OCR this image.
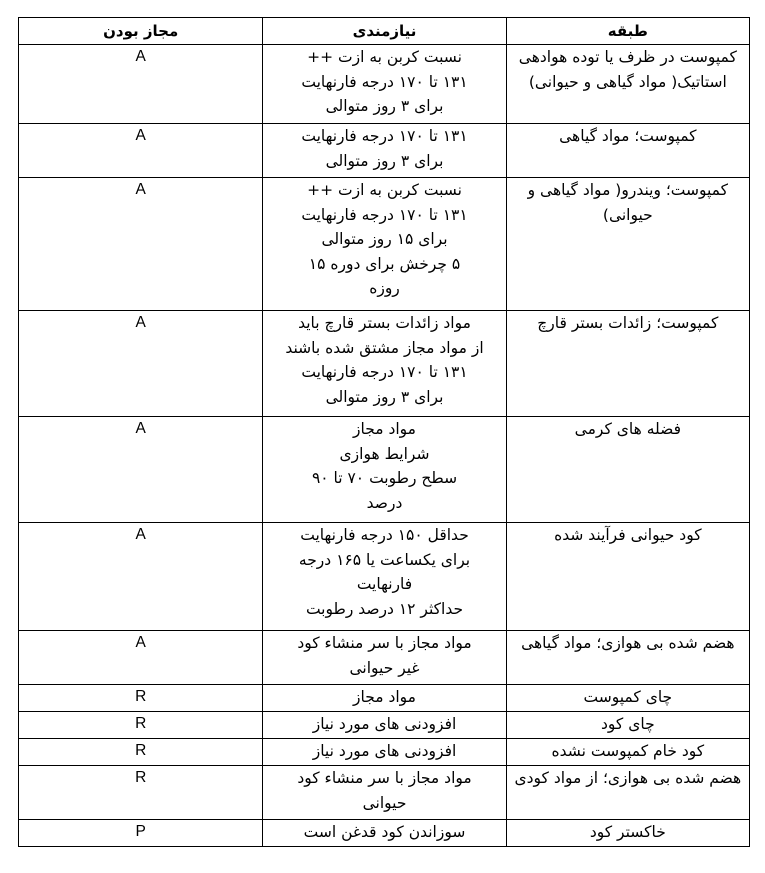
طبقه	نیازمندی	مجاز بودن
کمپوست در ظرف یا توده هوادهی استاتیک( مواد گیاهی و حیوانی)	نسبت کربن به ازت ++
۱۳۱ تا ۱۷۰ درجه فارنهایت
برای ۳ روز متوالی	A
کمپوست؛ مواد گیاهی	۱۳۱ تا ۱۷۰ درجه فارنهایت
برای ۳ روز متوالی	A
کمپوست؛ ویندرو( مواد گیاهی و حیوانی)	نسبت کربن به ازت ++
۱۳۱ تا ۱۷۰ درجه فارنهایت
برای ۱۵ روز متوالی
۵ چرخش برای دوره ۱۵
روزه	A
کمپوست؛ زائدات بستر قارچ	مواد زائدات بستر قارچ باید
از مواد مجاز مشتق شده باشند
۱۳۱ تا ۱۷۰ درجه فارنهایت
برای ۳ روز متوالی	A
فضله های کرمی	مواد مجاز
شرایط هوازی
سطح رطوبت ۷۰ تا ۹۰
درصد	A
کود حیوانی فرآیند شده	حداقل ۱۵۰ درجه فارنهایت
برای یکساعت یا ۱۶۵ درجه
فارنهایت
حداکثر ۱۲ درصد رطوبت	A
هضم شده بی هوازی؛ مواد گیاهی	مواد مجاز با سر منشاء کود
غیر حیوانی	A
چای کمپوست	مواد مجاز	R
چای کود	افزودنی های مورد نیاز	R
کود خام کمپوست نشده	افزودنی های مورد نیاز	R
هضم شده بی هوازی؛ از مواد کودی	مواد مجاز با سر منشاء کود
حیوانی	R
خاکستر کود	سوزاندن کود قدغن است	P
